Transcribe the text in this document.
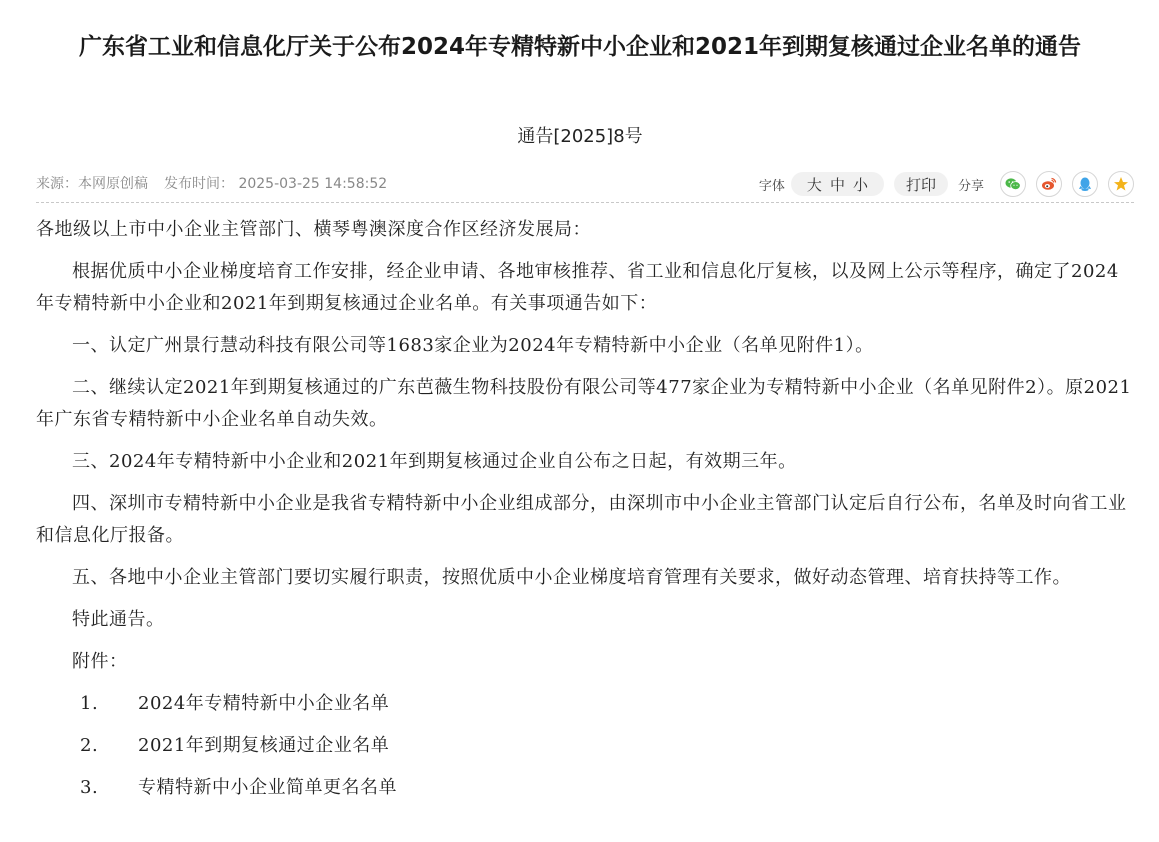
广东省工业和信息化厅关于公布2024年专精特新中小企业和2021年到期复核通过企业名单的通告
通告[2025]8号
来源：本网原创稿 发布时间： 2025-03-25 14:58:52	字体 大 中 小	打印 分享

各地级以上市中小企业主管部门、横琴粤澳深度合作区经济发展局：

根据优质中小企业梯度培育工作安排，经企业申请、各地审核推荐、省工业和信息化厅复核，以及网上公示等程序，确定了2024年专精特新中小企业和2021年到期复核通过企业名单。有关事项通告如下：

一、认定广州景行慧动科技有限公司等1683家企业为2024年专精特新中小企业（名单见附件1）。

二、继续认定2021年到期复核通过的广东芭薇生物科技股份有限公司等477家企业为专精特新中小企业（名单见附件2）。原2021年广东省专精特新中小企业名单自动失效。

三、2024年专精特新中小企业和2021年到期复核通过企业自公布之日起，有效期三年。

四、深圳市专精特新中小企业是我省专精特新中小企业组成部分，由深圳市中小企业主管部门认定后自行公布，名单及时向省工业和信息化厅报备。

五、各地中小企业主管部门要切实履行职责，按照优质中小企业梯度培育管理有关要求，做好动态管理、培育扶持等工作。

特此通告。

附件：

1. 2024年专精特新中小企业名单
2. 2021年到期复核通过企业名单
3. 专精特新中小企业简单更名名单
